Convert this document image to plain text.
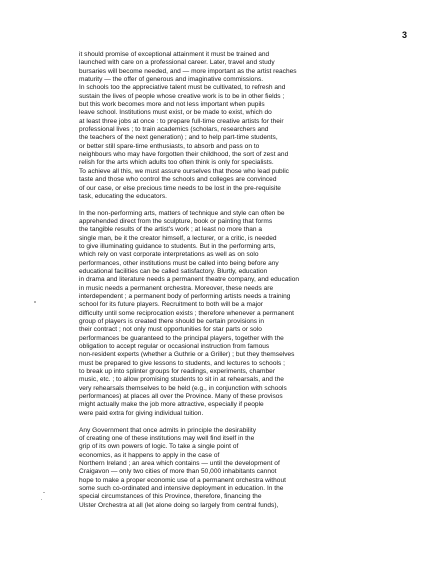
3

it should promise of exceptional attainment it must be trained and
launched with care on a professional career. Later, travel and study
bursaries will become needed, and — more important as the artist reaches
maturity — the offer of generous and imaginative commissions.
In schools too the appreciative talent must be cultivated, to refresh and
sustain the lives of people whose creative work is to be in other fields ;
but this work becomes more and not less important when pupils
leave school. Institutions must exist, or be made to exist, which do
at least three jobs at once : to prepare full-time creative artists for their
professional lives ; to train academics (scholars, researchers and
the teachers of the next generation) ; and to help part-time students,
or better still spare-time enthusiasts, to absorb and pass on to
neighbours who may have forgotten their childhood, the sort of zest and
relish for the arts which adults too often think is only for specialists.
To achieve all this, we must assure ourselves that those who lead public
taste and those who control the schools and colleges are convinced
of our case, or else precious time needs to be lost in the pre-requisite
task, educating the educators.

In the non-performing arts, matters of technique and style can often be
apprehended direct from the sculpture, book or painting that forms
the tangible results of the artist's work ; at least no more than a
single man, be it the creator himself, a lecturer, or a critic, is needed
to give illuminating guidance to students. But in the performing arts,
which rely on vast corporate interpretations as well as on solo
performances, other institutions must be called into being before any
educational facilities can be called satisfactory. Blurtly, education
in drama and literature needs a permanent theatre company, and education
in music needs a permanent orchestra. Moreover, these needs are
interdependent ; a permanent body of performing artists needs a training
school for its future players. Recruitment to both will be a major
difficulty until some reciprocation exists ; therefore whenever a permanent
group of players is created there should be certain provisions in
their contract ; not only must opportunities for star parts or solo
performances be guaranteed to the principal players, together with the
obligation to accept regular or occasional instruction from famous
non-resident experts (whether a Guthrie or a Griller) ; but they themselves
must be prepared to give lessons to students, and lectures to schools ;
to break up into splinter groups for readings, experiments, chamber
music, etc. ; to allow promising students to sit in at rehearsals, and the
very rehearsals themselves to be held (e.g., in conjunction with schools
performances) at places all over the Province. Many of these provisos
might actually make the job more attractive, especially if people
were paid extra for giving individual tuition.

Any Government that once admits in principle the desirability
of creating one of these institutions may well find itself in the
grip of its own powers of logic. To take a single point of
economics, as it happens to apply in the case of
Northern Ireland ; an area which contains — until the development of
Craigavon — only two cities of more than 50,000 inhabitants cannot
hope to make a proper economic use of a permanent orchestra without
some such co-ordinated and intensive deployment in education. In the
special circumstances of this Province, therefore, financing the
Ulster Orchestra at all (let alone doing so largely from central funds),
